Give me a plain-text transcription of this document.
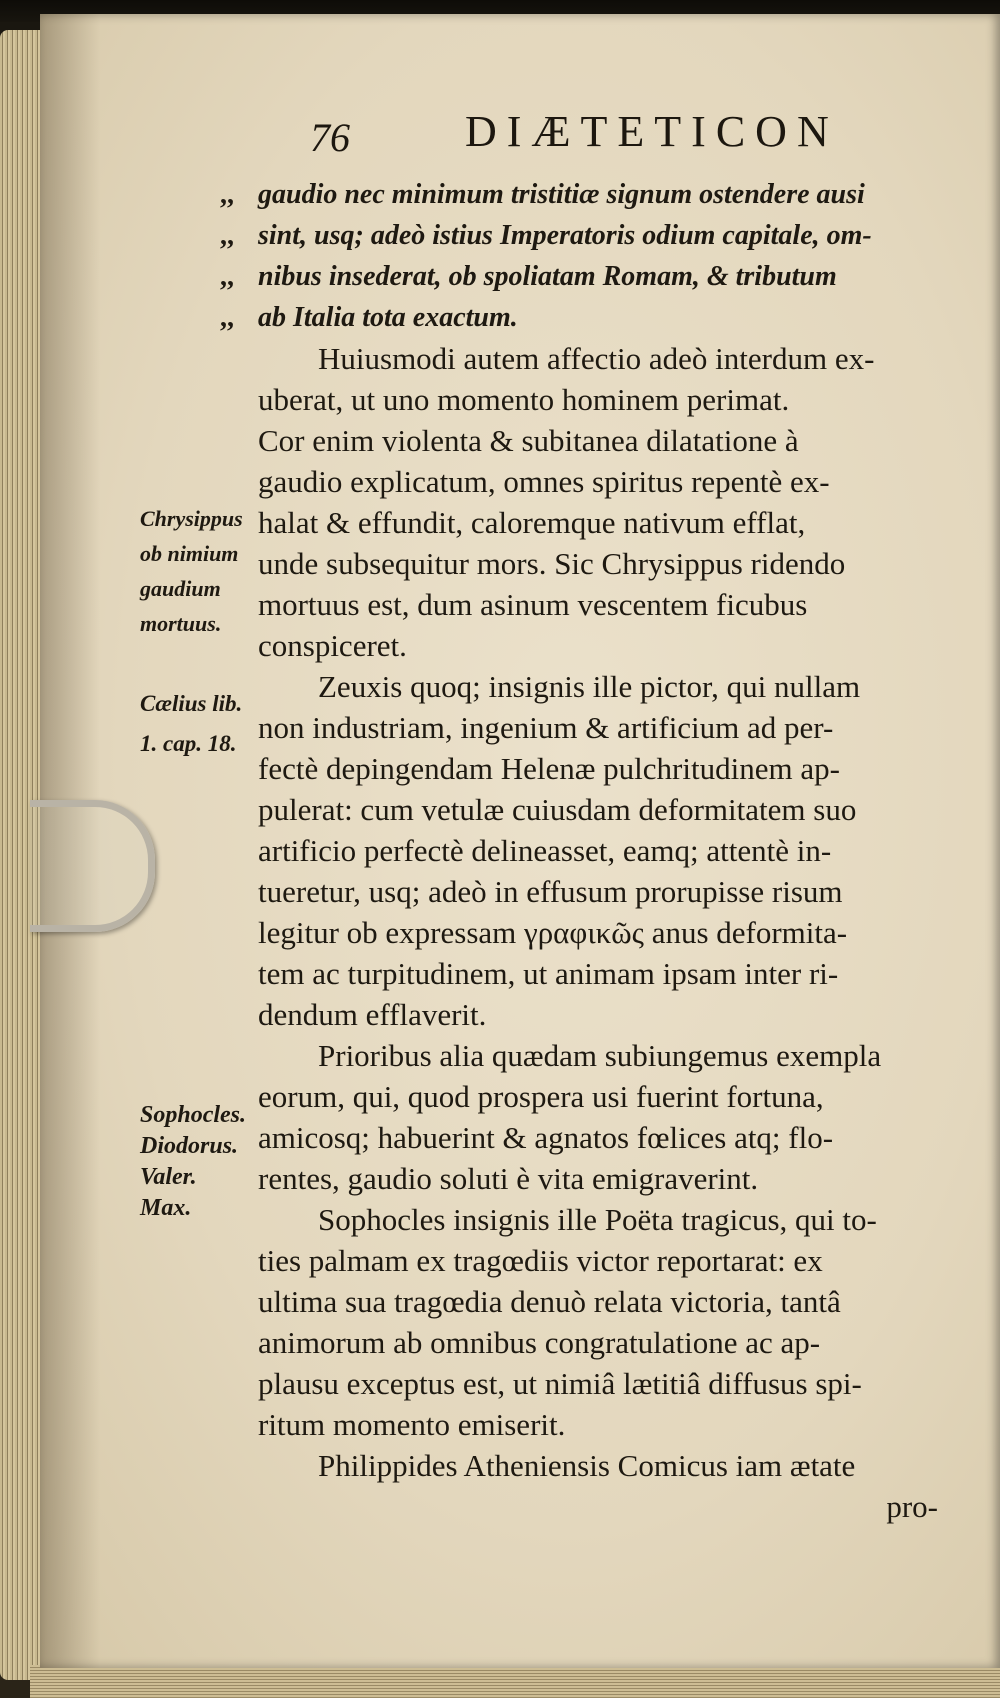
76	DIÆTETICON
,, gaudio nec minimum tristitiæ signum ostendere ausi
,, sint, usq; adeò istius Imperatoris odium capitale, om-
,, nibus insederat, ob spoliatam Romam, & tributum
,, ab Italia tota exactum.
Huiusmodi autem affectio adeò interdum ex-
uberat, ut uno momento hominem perimat.
Cor enim violenta & subitanea dilatatione à
gaudio explicatum, omnes spiritus repentè ex-
halat & effundit, caloremque nativum efflat,
unde subsequitur mors. Sic Chrysippus ridendo
mortuus est, dum asinum vescentem ficubus
conspiceret.
Zeuxis quoq; insignis ille pictor, qui nullam
non industriam, ingenium & artificium ad per-
fectè depingendam Helenæ pulchritudinem ap-
pulerat: cum vetulæ cuiusdam deformitatem suo
artificio perfectè delineasset, eamq; attentè in-
tueretur, usq; adeò in effusum prorupisse risum
legitur ob expressam γραφικῶς anus deformita-
tem ac turpitudinem, ut animam ipsam inter ri-
dendum efflaverit.
Prioribus alia quædam subiungemus exempla
eorum, qui, quod prospera usi fuerint fortuna,
amicosq; habuerint & agnatos fœlices atq; flo-
rentes, gaudio soluti è vita emigraverint.
Sophocles insignis ille Poëta tragicus, qui to-
ties palmam ex tragœdiis victor reportarat: ex
ultima sua tragœdia denuò relata victoria, tantâ
animorum ab omnibus congratulatione ac ap-
plausu exceptus est, ut nimiâ lætitiâ diffusus spi-
ritum momento emiserit.
Philippides Atheniensis Comicus iam ætate
pro-
Chrysippus
ob nimium
gaudium
mortuus.
Cælius lib.
1. cap. 18.
Sophocles.
Diodorus.
Valer.
Max.
